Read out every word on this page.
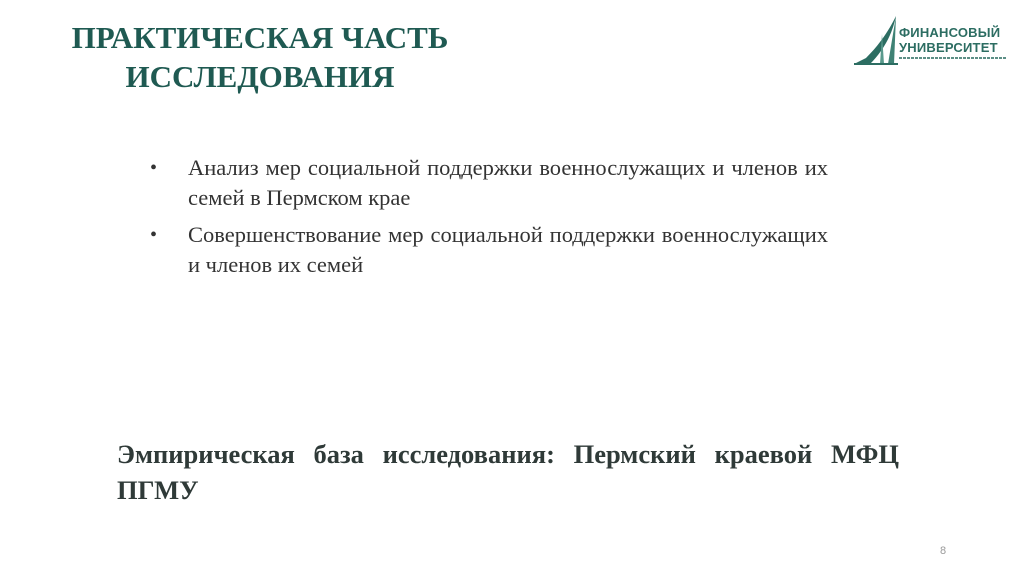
ПРАКТИЧЕСКАЯ ЧАСТЬ ИССЛЕДОВАНИЯ
ФИНАНСОВЫЙ
УНИВЕРСИТЕТ
•	Анализ мер социальной поддержки военнослужащих и членов их семей в Пермском крае
•	Совершенствование мер социальной поддержки военнослужащих и членов их семей

Эмпирическая база исследования: Пермский краевой МФЦ ПГМУ

8
